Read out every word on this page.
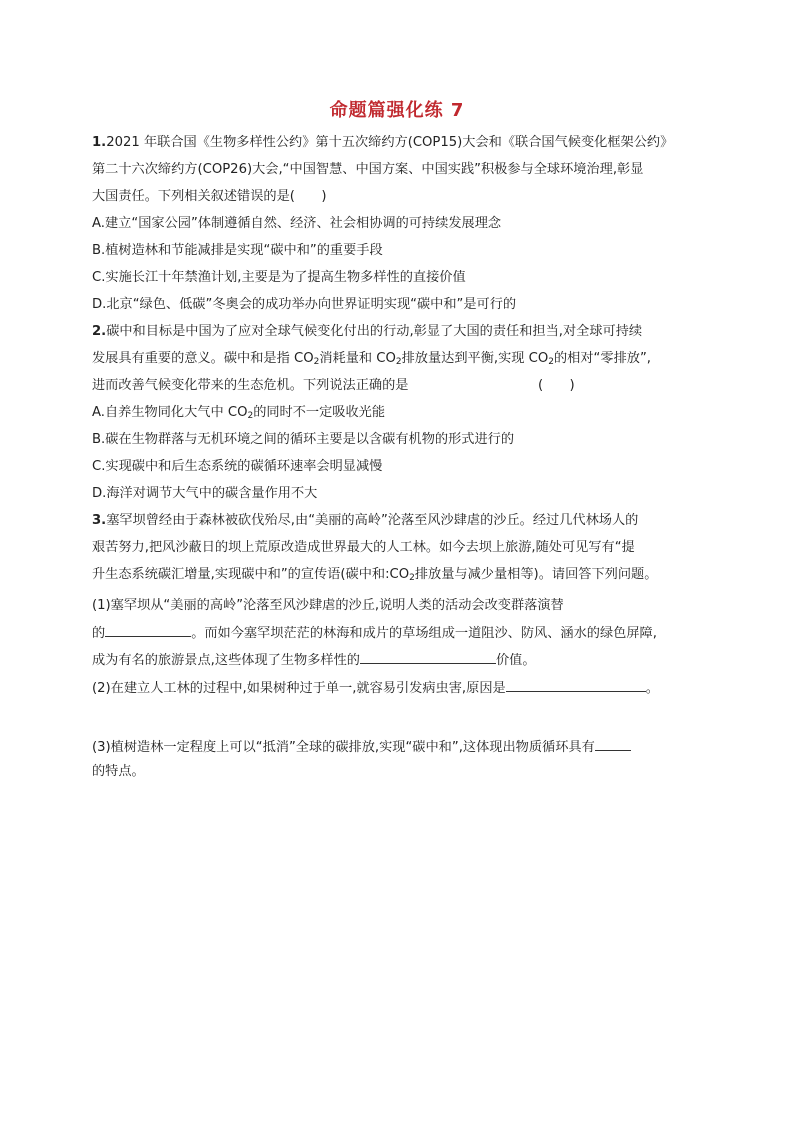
命题篇强化练 7
1.2021 年联合国《生物多样性公约》第十五次缔约方(COP15)大会和《联合国气候变化框架公约》
第二十六次缔约方(COP26)大会,“中国智慧、中国方案、中国实践”积极参与全球环境治理,彰显
大国责任。下列相关叙述错误的是(　　)
A.建立“国家公园”体制遵循自然、经济、社会相协调的可持续发展理念
B.植树造林和节能减排是实现“碳中和”的重要手段
C.实施长江十年禁渔计划,主要是为了提高生物多样性的直接价值
D.北京“绿色、低碳”冬奥会的成功举办向世界证明实现“碳中和”是可行的
2.碳中和目标是中国为了应对全球气候变化付出的行动,彰显了大国的责任和担当,对全球可持续
发展具有重要的意义。碳中和是指 $CO_2$消耗量和 $CO_2$排放量达到平衡,实现 $CO_2$的相对“零排放”,
进而改善气候变化带来的生态危机。下列说法正确的是	(　　)
A.自养生物同化大气中 $CO_2$的同时不一定吸收光能
B.碳在生物群落与无机环境之间的循环主要是以含碳有机物的形式进行的
C.实现碳中和后生态系统的碳循环速率会明显减慢
D.海洋对调节大气中的碳含量作用不大
3.塞罕坝曾经由于森林被砍伐殆尽,由“美丽的高岭”沦落至风沙肆虐的沙丘。经过几代林场人的
艰苦努力,把风沙蔽日的坝上荒原改造成世界最大的人工林。如今去坝上旅游,随处可见写有“提
升生态系统碳汇增量,实现碳中和”的宣传语(碳中和$:CO_2$排放量与减少量相等)。请回答下列问题。
(1)塞罕坝从“美丽的高岭”沦落至风沙肆虐的沙丘,说明人类的活动会改变群落演替
的	。而如今塞罕坝茫茫的林海和成片的草场组成一道阻沙、防风、涵水的绿色屏障,
成为有名的旅游景点,这些体现了生物多样性的	价值。
(2)在建立人工林的过程中,如果树种过于单一,就容易引发病虫害,原因是	。
(3)植树造林一定程度上可以“抵消”全球的碳排放,实现“碳中和”,这体现出物质循环具有
的特点。
